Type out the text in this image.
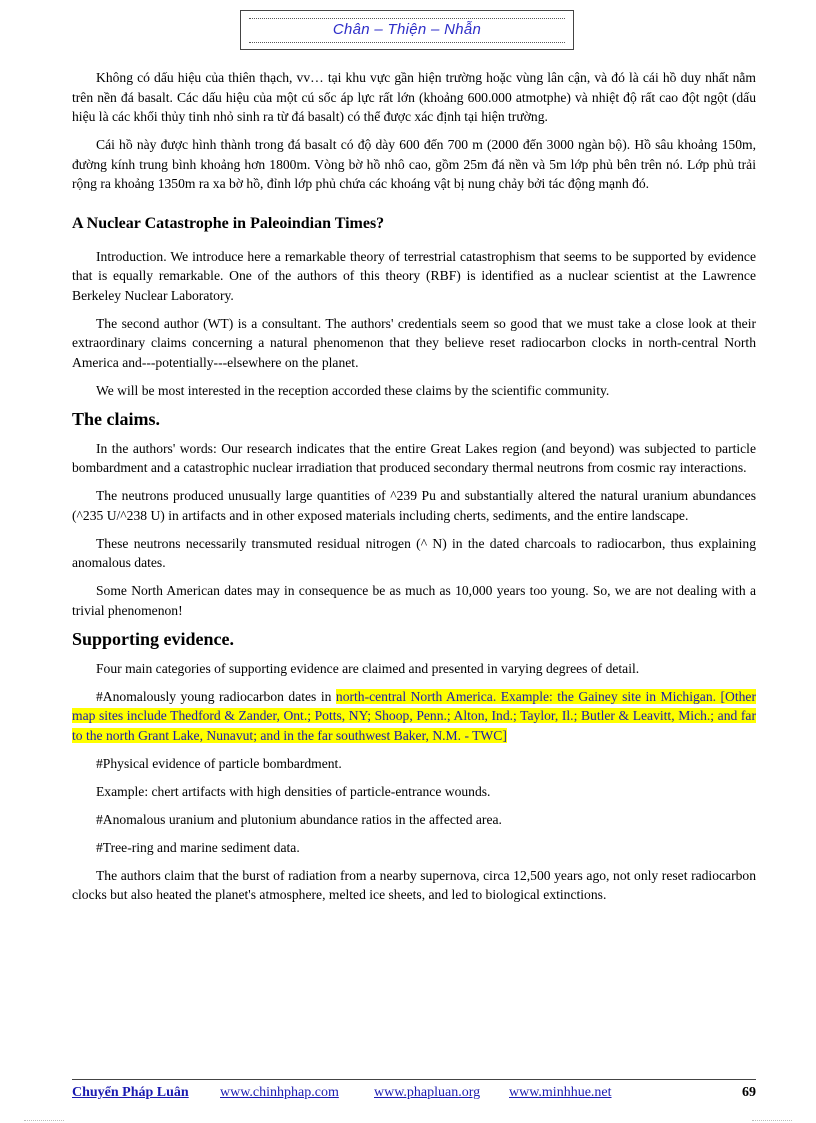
Chân – Thiện – Nhẫn

Không có dấu hiệu của thiên thạch, vv… tại khu vực gần hiện trường hoặc vùng lân cận, và đó là cái hồ duy nhất nằm trên nền đá basalt. Các dấu hiệu của một cú sốc áp lực rất lớn (khoảng 600.000 atmotphe) và nhiệt độ rất cao đột ngột (dấu hiệu là các khối thủy tinh nhỏ sinh ra từ đá basalt) có thể được xác định tại hiện trường.

Cái hồ này được hình thành trong đá basalt có độ dày 600 đến 700 m (2000 đến 3000 ngàn bộ). Hồ sâu khoảng 150m, đường kính trung bình khoảng hơn 1800m. Vòng bờ hồ nhô cao, gồm 25m đá nền và 5m lớp phủ bên trên nó. Lớp phủ trải rộng ra khoảng 1350m ra xa bờ hồ, đỉnh lớp phủ chứa các khoáng vật bị nung chảy bởi tác động mạnh đó.

A Nuclear Catastrophe in Paleoindian Times?

Introduction. We introduce here a remarkable theory of terrestrial catastrophism that seems to be supported by evidence that is equally remarkable. One of the authors of this theory (RBF) is identified as a nuclear scientist at the Lawrence Berkeley Nuclear Laboratory.

The second author (WT) is a consultant. The authors' credentials seem so good that we must take a close look at their extraordinary claims concerning a natural phenomenon that they believe reset radiocarbon clocks in north-central North America and---potentially---elsewhere on the planet.

We will be most interested in the reception accorded these claims by the scientific community.

The claims.

In the authors' words: Our research indicates that the entire Great Lakes region (and beyond) was subjected to particle bombardment and a catastrophic nuclear irradiation that produced secondary thermal neutrons from cosmic ray interactions.

The neutrons produced unusually large quantities of ^239 Pu and substantially altered the natural uranium abundances (^235 U/^238 U) in artifacts and in other exposed materials including cherts, sediments, and the entire landscape.

These neutrons necessarily transmuted residual nitrogen (^ N) in the dated charcoals to radiocarbon, thus explaining anomalous dates.

Some North American dates may in consequence be as much as 10,000 years too young. So, we are not dealing with a trivial phenomenon!

Supporting evidence.

Four main categories of supporting evidence are claimed and presented in varying degrees of detail.

#Anomalously young radiocarbon dates in north-central North America. Example: the Gainey site in Michigan. [Other map sites include Thedford & Zander, Ont.; Potts, NY; Shoop, Penn.; Alton, Ind.; Taylor, Il.; Butler & Leavitt, Mich.; and far to the north Grant Lake, Nunavut; and in the far southwest Baker, N.M. - TWC]

#Physical evidence of particle bombardment.

Example: chert artifacts with high densities of particle-entrance wounds.

#Anomalous uranium and plutonium abundance ratios in the affected area.

#Tree-ring and marine sediment data.

The authors claim that the burst of radiation from a nearby supernova, circa 12,500 years ago, not only reset radiocarbon clocks but also heated the planet's atmosphere, melted ice sheets, and led to biological extinctions.

Chuyển Pháp Luân www.chinhphap.com	www.phapluan.org www.minhhue.net	69
